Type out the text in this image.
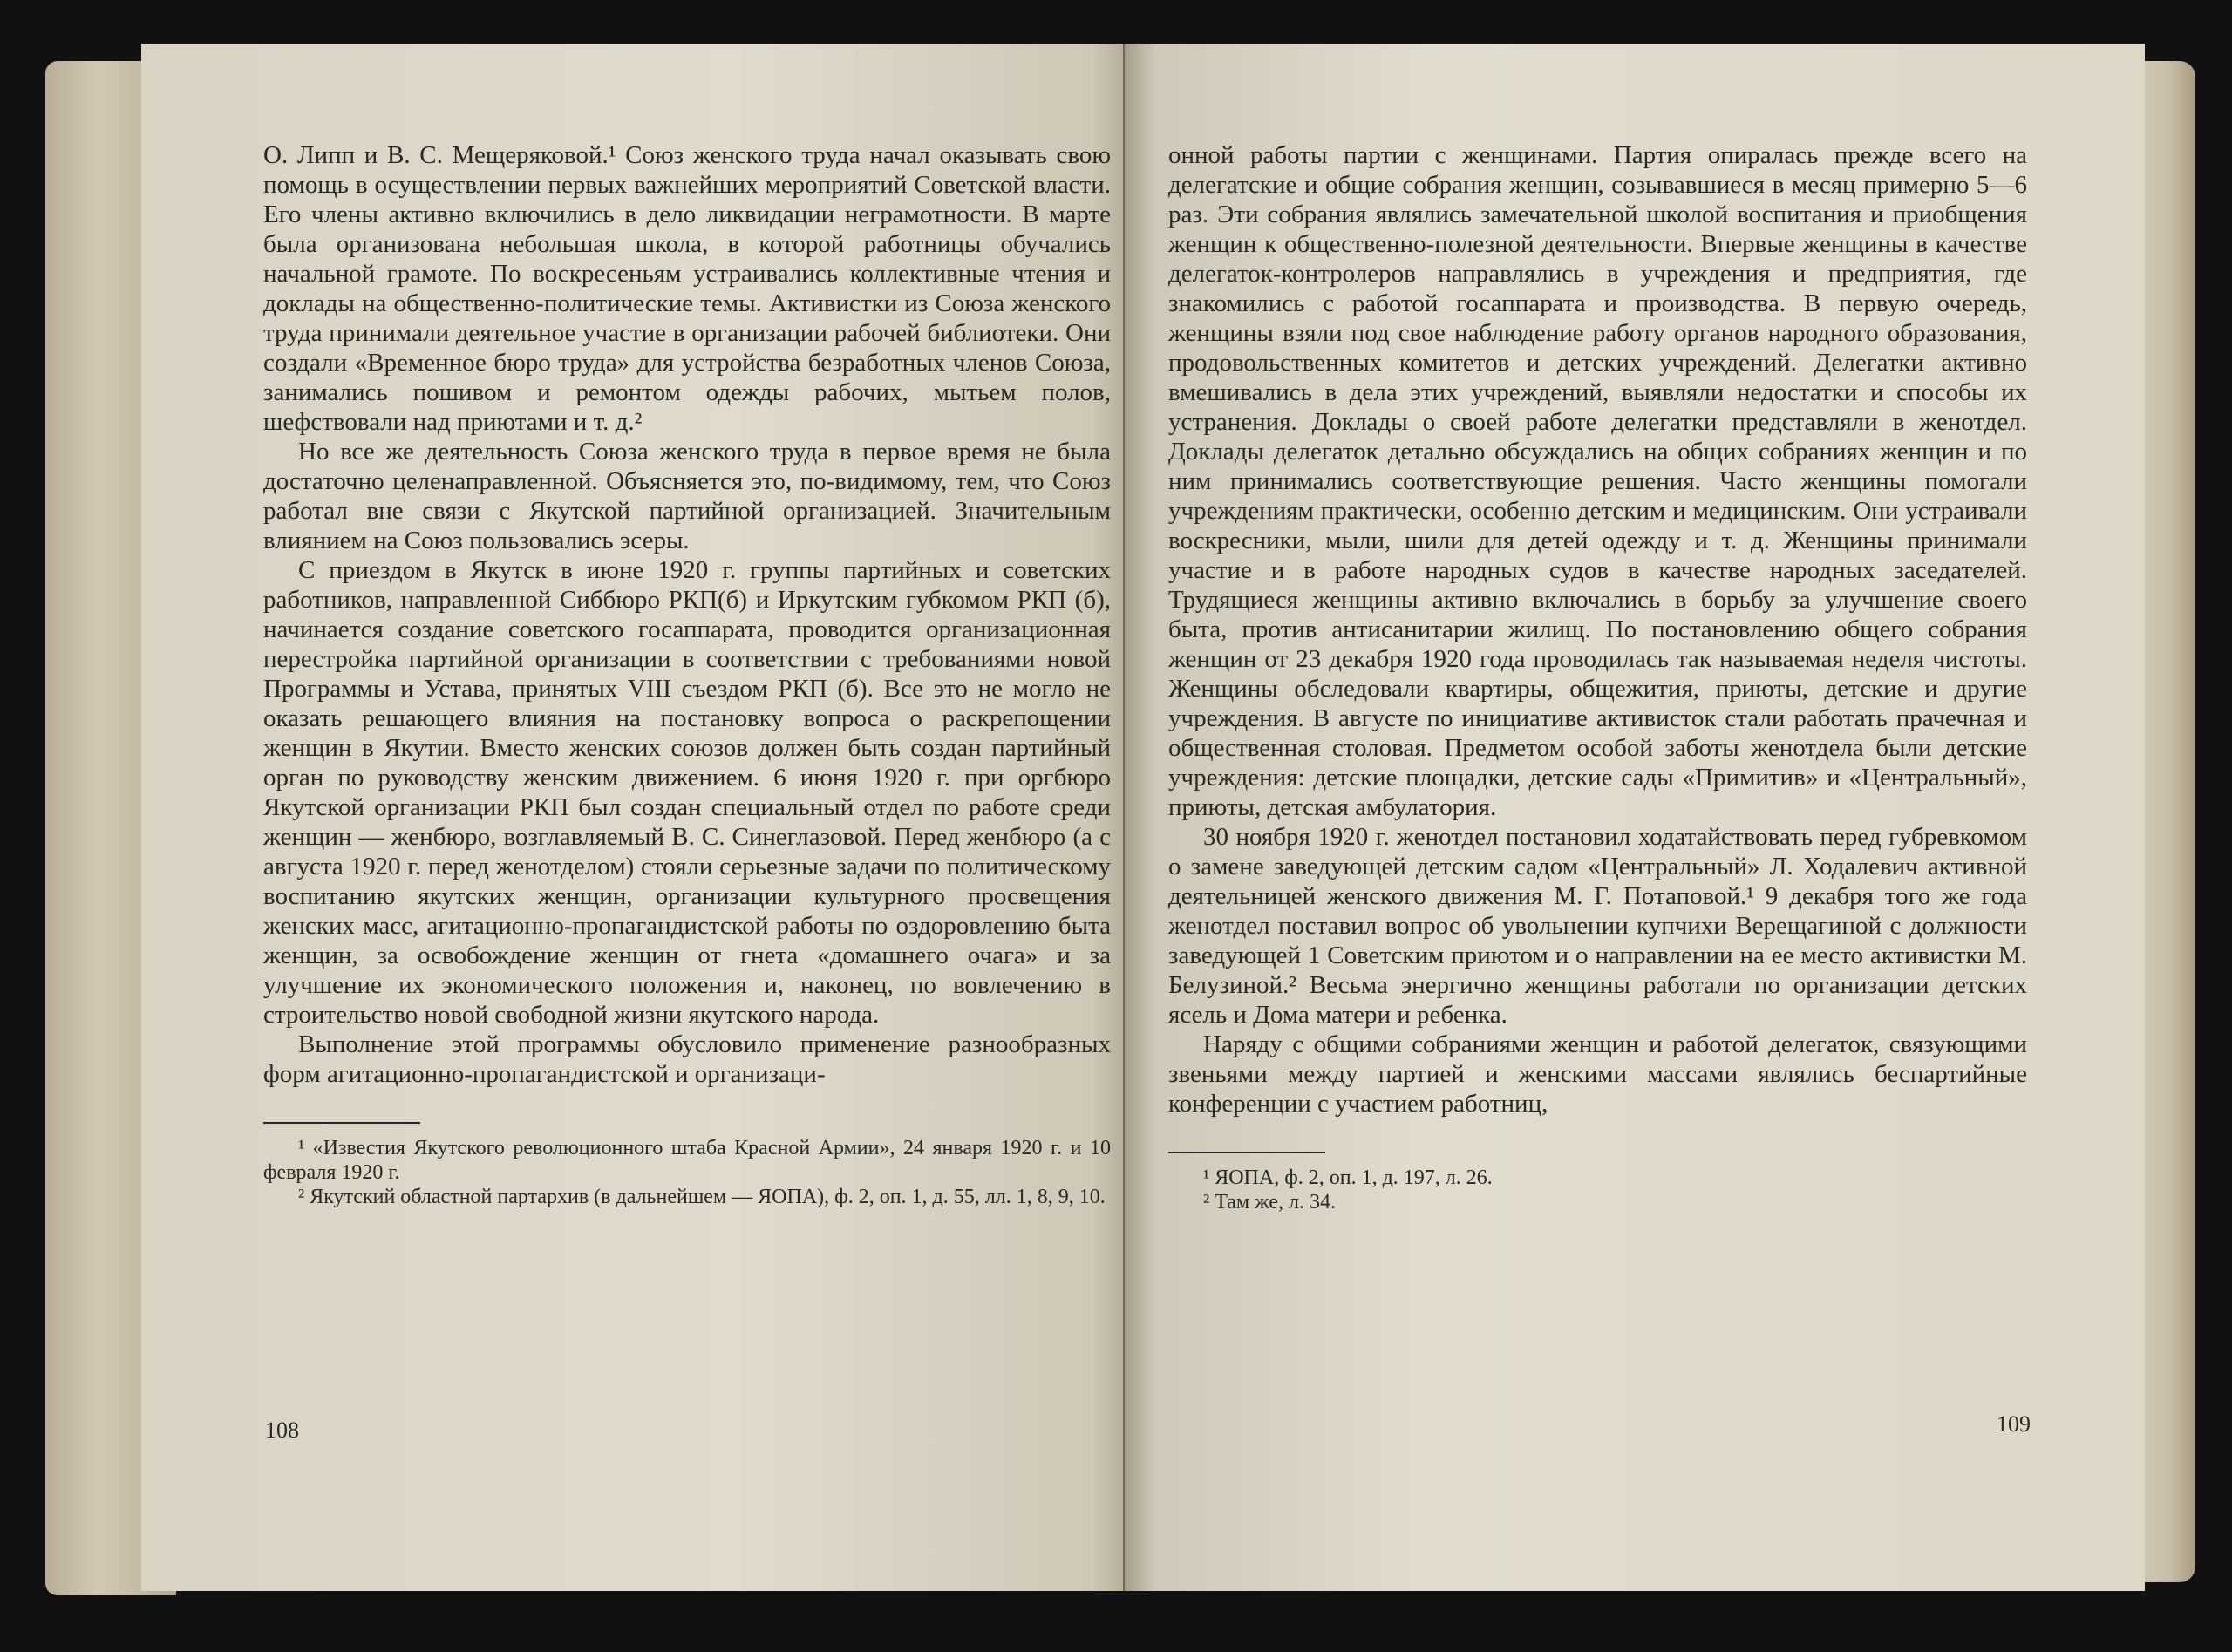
О. Липп и В. С. Мещеряковой.¹ Союз женского труда начал оказывать свою помощь в осуществлении первых важнейших мероприятий Советской власти. Его члены активно включились в дело ликвидации неграмотности. В марте была организована небольшая школа, в которой работницы обучались начальной грамоте. По воскресеньям устраивались коллективные чтения и доклады на общественно-политические темы. Активистки из Союза женского труда принимали деятельное участие в организации рабочей библиотеки. Они создали «Временное бюро труда» для устройства безработных членов Союза, занимались пошивом и ремонтом одежды рабочих, мытьем полов, шефствовали над приютами и т. д.²

Но все же деятельность Союза женского труда в первое время не была достаточно целенаправленной. Объясняется это, по-видимому, тем, что Союз работал вне связи с Якутской партийной организацией. Значительным влиянием на Союз пользовались эсеры.

С приездом в Якутск в июне 1920 г. группы партийных и советских работников, направленной Сиббюро РКП(б) и Иркутским губкомом РКП (б), начинается создание советского госаппарата, проводится организационная перестройка партийной организации в соответствии с требованиями новой Программы и Устава, принятых VIII съездом РКП (б). Все это не могло не оказать решающего влияния на постановку вопроса о раскрепощении женщин в Якутии. Вместо женских союзов должен быть создан партийный орган по руководству женским движением. 6 июня 1920 г. при оргбюро Якутской организации РКП был создан специальный отдел по работе среди женщин — женбюро, возглавляемый В. С. Синеглазовой. Перед женбюро (а с августа 1920 г. перед женотделом) стояли серьезные задачи по политическому воспитанию якутских женщин, организации культурного просвещения женских масс, агитационно-пропагандистской работы по оздоровлению быта женщин, за освобождение женщин от гнета «домашнего очага» и за улучшение их экономического положения и, наконец, по вовлечению в строительство новой свободной жизни якутского народа.

Выполнение этой программы обусловило применение разнообразных форм агитационно-пропагандистской и организаци-

¹ «Известия Якутского революционного штаба Красной Армии», 24 января 1920 г. и 10 февраля 1920 г.

² Якутский областной партархив (в дальнейшем — ЯОПА), ф. 2, оп. 1, д. 55, лл. 1, 8, 9, 10.

108

онной работы партии с женщинами. Партия опиралась прежде всего на делегатские и общие собрания женщин, созывавшиеся в месяц примерно 5—6 раз. Эти собрания являлись замечательной школой воспитания и приобщения женщин к общественно-полезной деятельности. Впервые женщины в качестве делегаток-контролеров направлялись в учреждения и предприятия, где знакомились с работой госаппарата и производства. В первую очередь, женщины взяли под свое наблюдение работу органов народного образования, продовольственных комитетов и детских учреждений. Делегатки активно вмешивались в дела этих учреждений, выявляли недостатки и способы их устранения. Доклады о своей работе делегатки представляли в женотдел. Доклады делегаток детально обсуждались на общих собраниях женщин и по ним принимались соответствующие решения. Часто женщины помогали учреждениям практически, особенно детским и медицинским. Они устраивали воскресники, мыли, шили для детей одежду и т. д. Женщины принимали участие и в работе народных судов в качестве народных заседателей. Трудящиеся женщины активно включались в борьбу за улучшение своего быта, против антисанитарии жилищ. По постановлению общего собрания женщин от 23 декабря 1920 года проводилась так называемая неделя чистоты. Женщины обследовали квартиры, общежития, приюты, детские и другие учреждения. В августе по инициативе активисток стали работать прачечная и общественная столовая. Предметом особой заботы женотдела были детские учреждения: детские площадки, детские сады «Примитив» и «Центральный», приюты, детская амбулатория.

30 ноября 1920 г. женотдел постановил ходатайствовать перед губревкомом о замене заведующей детским садом «Центральный» Л. Ходалевич активной деятельницей женского движения М. Г. Потаповой.¹ 9 декабря того же года женотдел поставил вопрос об увольнении купчихи Верещагиной с должности заведующей 1 Советским приютом и о направлении на ее место активистки М. Белузиной.² Весьма энергично женщины работали по организации детских ясель и Дома матери и ребенка.

Наряду с общими собраниями женщин и работой делегаток, связующими звеньями между партией и женскими массами являлись беспартийные конференции с участием работниц,

¹ ЯОПА, ф. 2, оп. 1, д. 197, л. 26.

² Там же, л. 34.

109
